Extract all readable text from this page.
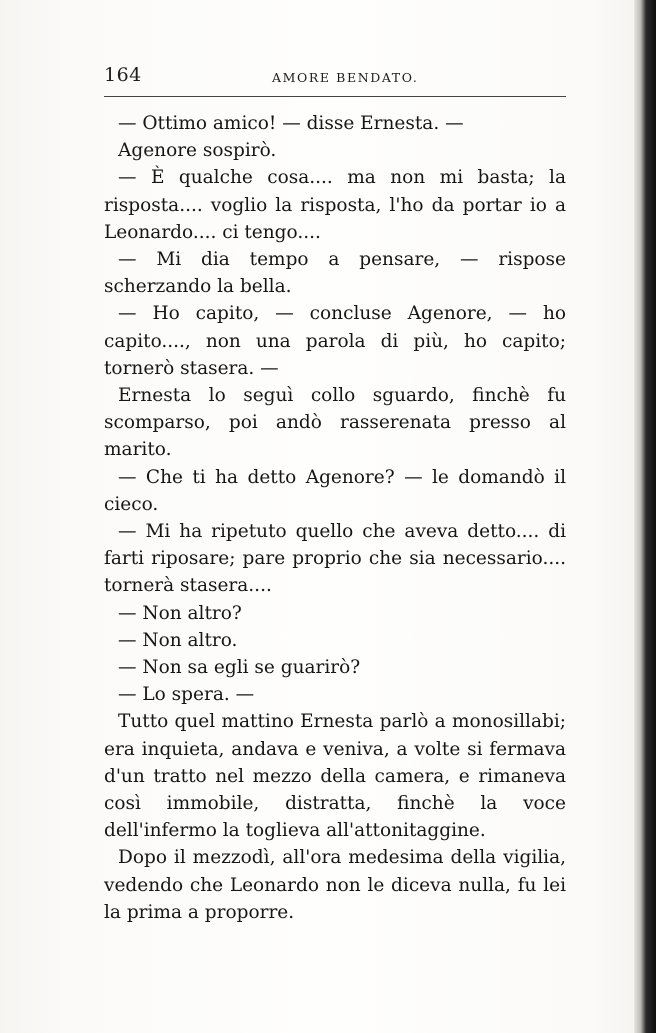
164	AMORE BENDATO.

— Ottimo amico! — disse Ernesta. —

Agenore sospirò.

— È qualche cosa.... ma non mi basta; la risposta.... voglio la risposta, l'ho da portar io a Leonardo.... ci tengo....

— Mi dia tempo a pensare, — rispose scherzando la bella.

— Ho capito, — concluse Agenore, — ho capito...., non una parola di più, ho capito; tornerò stasera. —

Ernesta lo seguì collo sguardo, finchè fu scomparso, poi andò rasserenata presso al marito.

— Che ti ha detto Agenore? — le domandò il cieco.

— Mi ha ripetuto quello che aveva detto.... di farti riposare; pare proprio che sia necessario.... tornerà stasera....

— Non altro?

— Non altro.

— Non sa egli se guarirò?

— Lo spera. —

Tutto quel mattino Ernesta parlò a monosillabi; era inquieta, andava e veniva, a volte si fermava d'un tratto nel mezzo della camera, e rimaneva così immobile, distratta, finchè la voce dell'infermo la toglieva all'attonitaggine.

Dopo il mezzodì, all'ora medesima della vigilia, vedendo che Leonardo non le diceva nulla, fu lei la prima a proporre.
